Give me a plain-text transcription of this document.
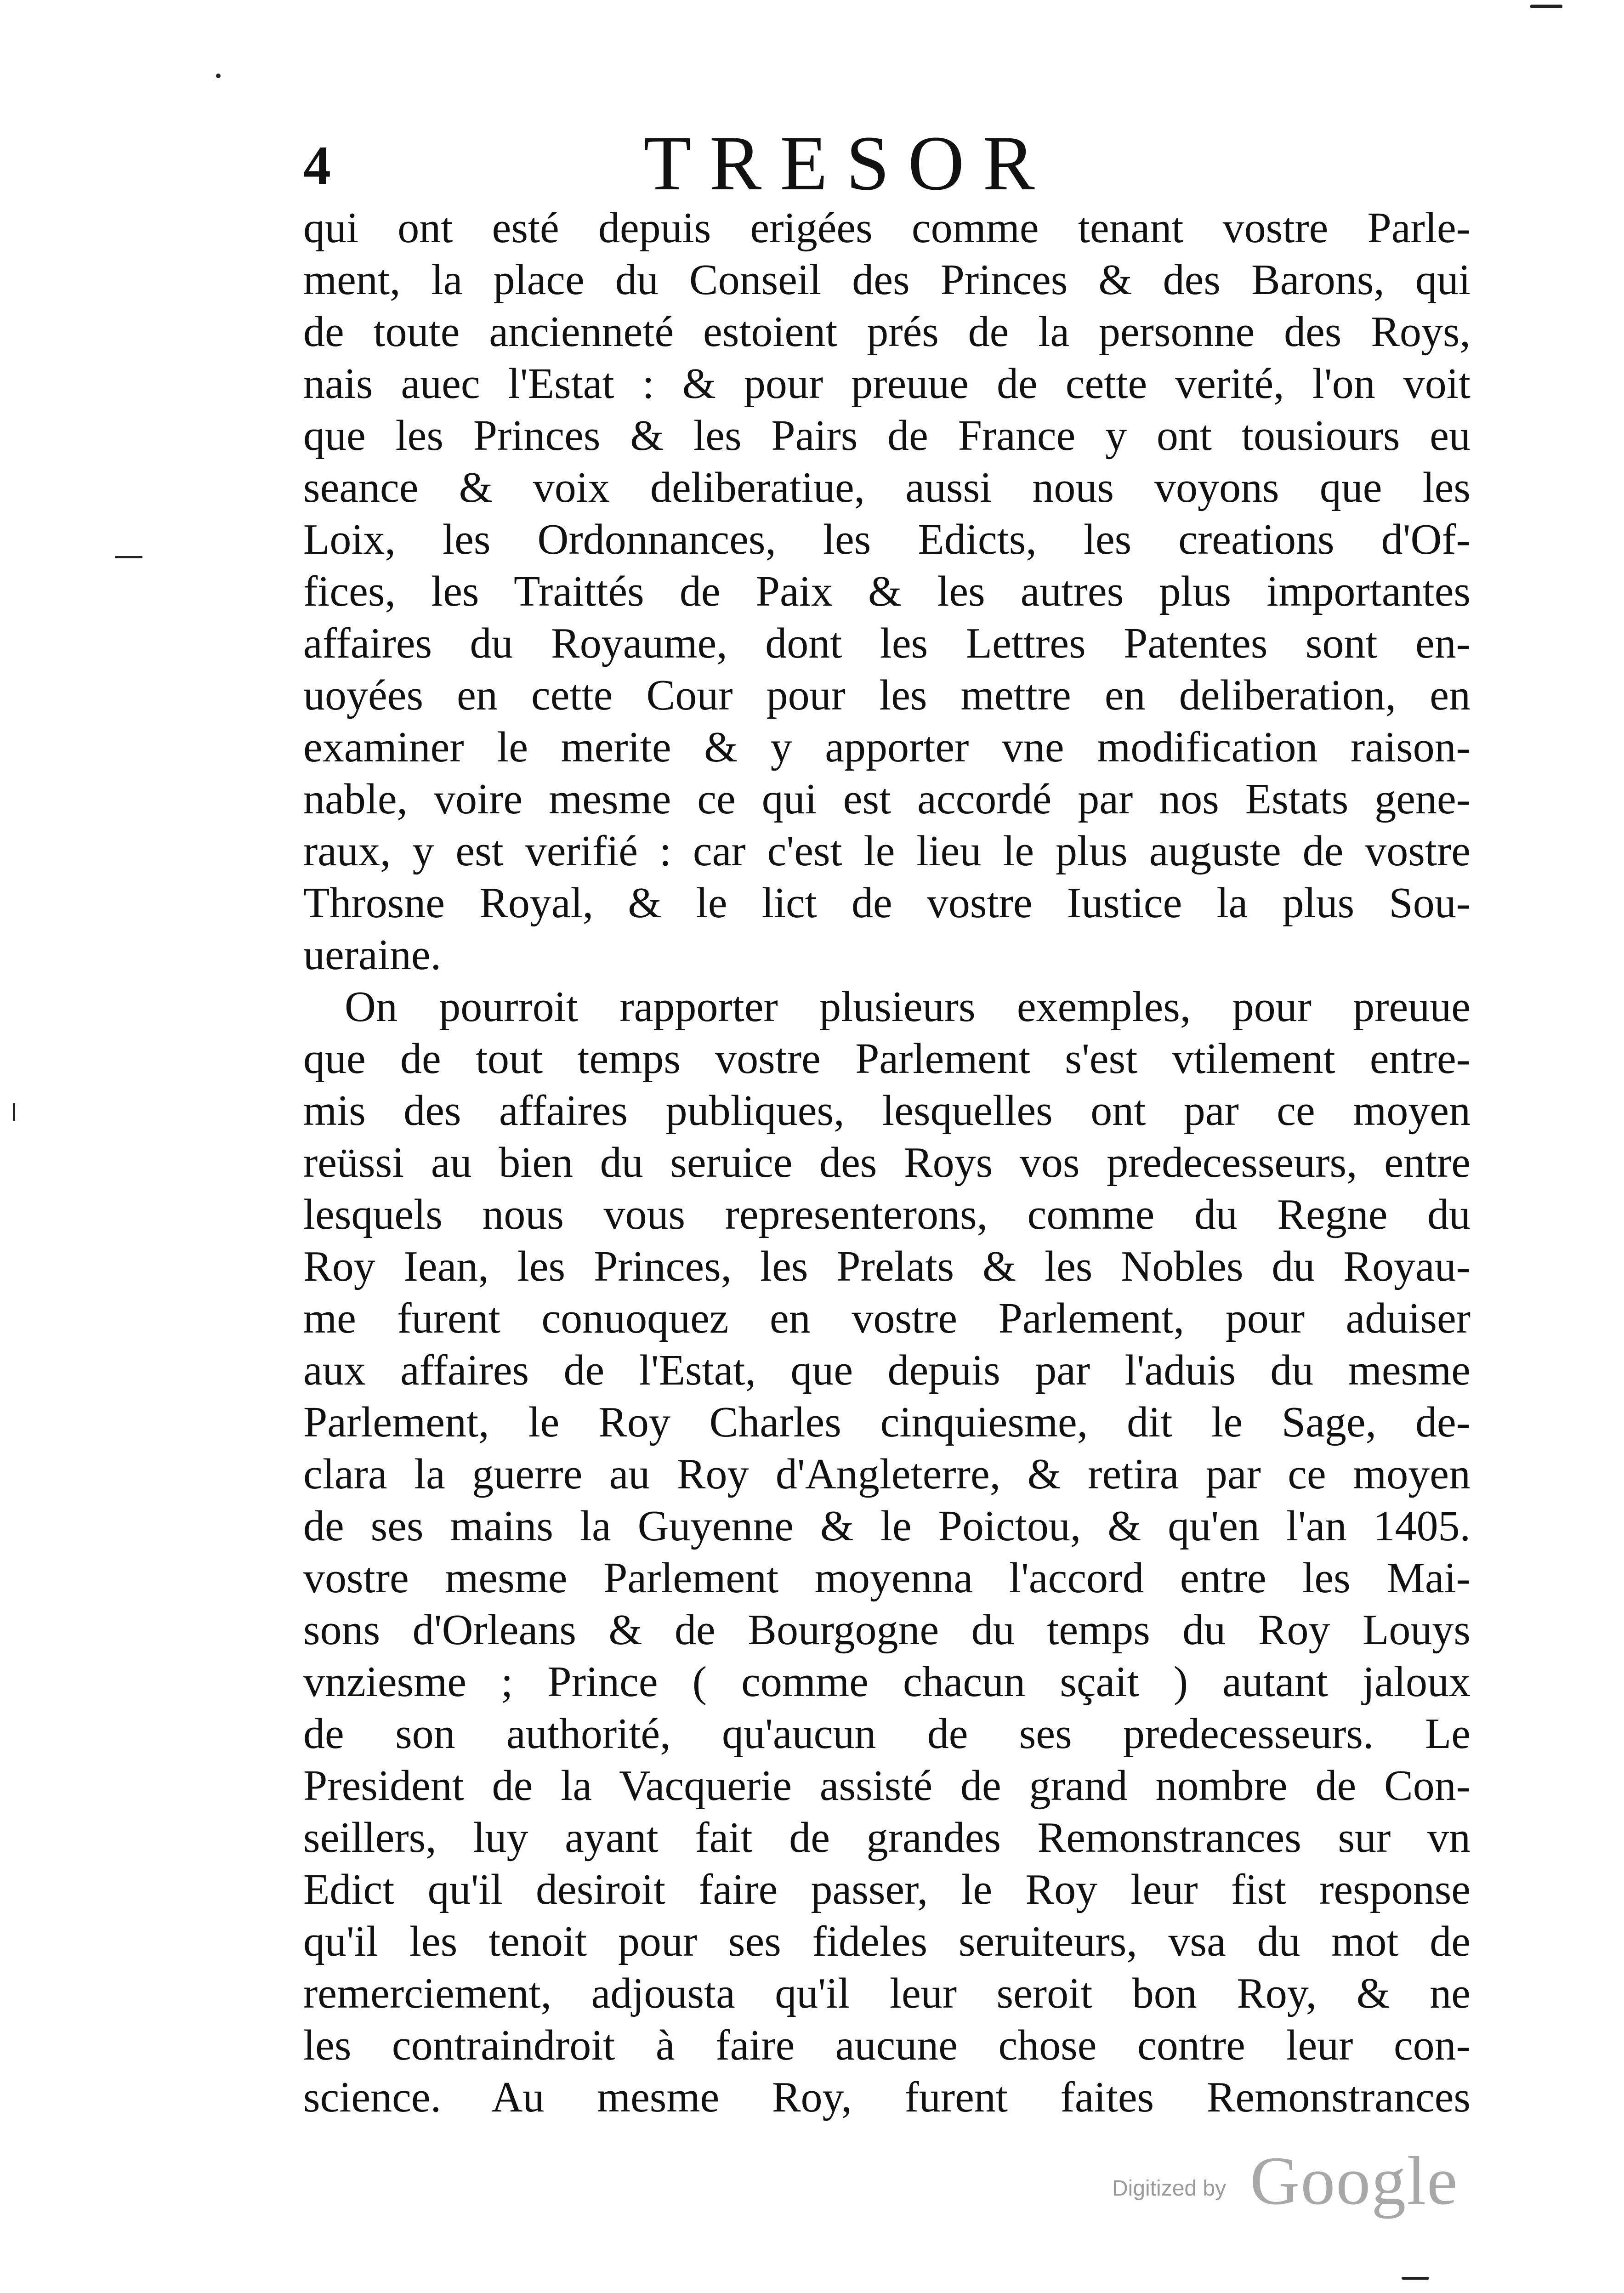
4	TRESOR
qui ont esté depuis erigées comme tenant vostre Parle-
ment, la place du Conseil des Princes & des Barons, qui
de toute ancienneté estoient prés de la personne des Roys,
nais auec l'Estat : & pour preuue de cette verité, l'on voit
que les Princes & les Pairs de France y ont tousiours eu
seance & voix deliberatiue, aussi nous voyons que les
Loix, les Ordonnances, les Edicts, les creations d'Of-
fices, les Traittés de Paix & les autres plus importantes
affaires du Royaume, dont les Lettres Patentes sont en-
uoyées en cette Cour pour les mettre en deliberation, en
examiner le merite & y apporter vne modification raison-
nable, voire mesme ce qui est accordé par nos Estats gene-
raux, y est verifié : car c'est le lieu le plus auguste de vostre
Throsne Royal, & le lict de vostre Iustice la plus Sou-
ueraine.
On pourroit rapporter plusieurs exemples, pour preuue
que de tout temps vostre Parlement s'est vtilement entre-
mis des affaires publiques, lesquelles ont par ce moyen
reüssi au bien du seruice des Roys vos predecesseurs, entre
lesquels nous vous representerons, comme du Regne du
Roy Iean, les Princes, les Prelats & les Nobles du Royau-
me furent conuoquez en vostre Parlement, pour aduiser
aux affaires de l'Estat, que depuis par l'aduis du mesme
Parlement, le Roy Charles cinquiesme, dit le Sage, de-
clara la guerre au Roy d'Angleterre, & retira par ce moyen
de ses mains la Guyenne & le Poictou, & qu'en l'an 1405.
vostre mesme Parlement moyenna l'accord entre les Mai-
sons d'Orleans & de Bourgogne du temps du Roy Louys
vnziesme ; Prince ( comme chacun sçait ) autant jaloux
de son authorité, qu'aucun de ses predecesseurs. Le
President de la Vacquerie assisté de grand nombre de Con-
seillers, luy ayant fait de grandes Remonstrances sur vn
Edict qu'il desiroit faire passer, le Roy leur fist response
qu'il les tenoit pour ses fideles seruiteurs, vsa du mot de
remerciement, adjousta qu'il leur seroit bon Roy, & ne
les contraindroit à faire aucune chose contre leur con-
science. Au mesme Roy, furent faites Remonstrances
Digitized by Google
